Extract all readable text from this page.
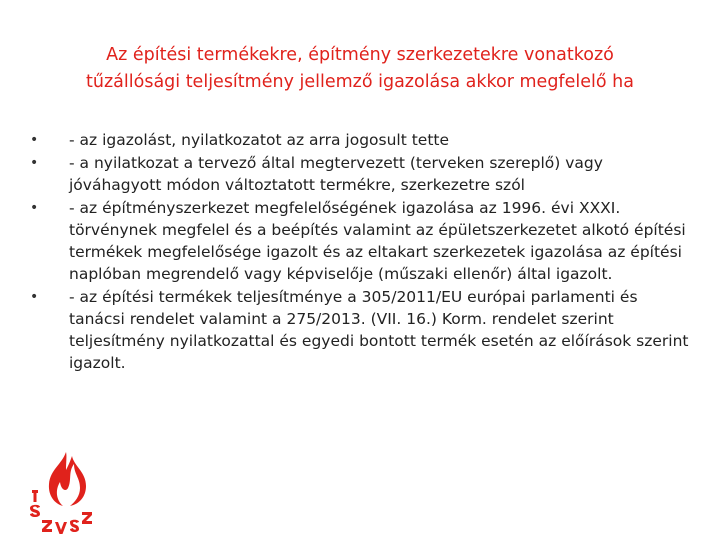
Az építési termékekre, építmény szerkezetekre vonatkozó
tűzállósági teljesítmény jellemző igazolása akkor megfelelő ha
• - az igazolást, nyilatkozatot az arra jogosult tette
• - a nyilatkozat a tervező által megtervezett (terveken szereplő) vagy jóváhagyott módon változtatott termékre, szerkezetre szól
• - az építményszerkezet megfelelőségének igazolása az 1996. évi XXXI. törvénynek megfelel és a beépítés valamint az épületszerkezetet alkotó építési termékek megfelelősége igazolt és az eltakart szerkezetek igazolása az építési naplóban megrendelő vagy képviselője (műszaki ellenőr) által igazolt.
• - az építési termékek teljesítménye a 305/2011/EU európai parlamenti és tanácsi rendelet valamint a 275/2013. (VII. 16.) Korm. rendelet szerint teljesítmény nyilatkozattal és egyedi bontott termék esetén az előírások szerint igazolt.
